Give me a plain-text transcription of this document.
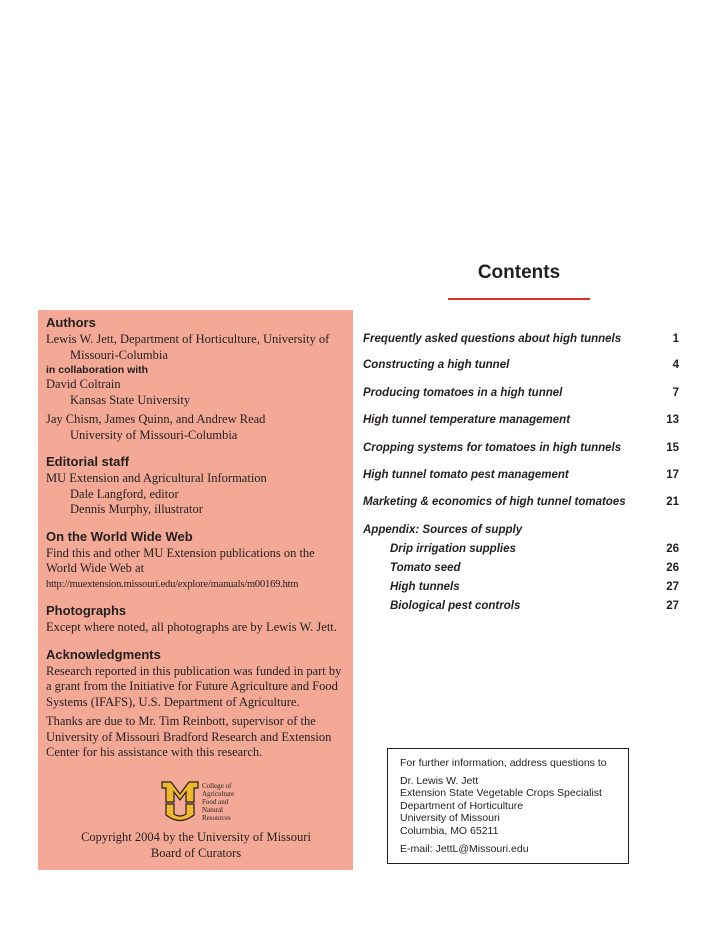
Contents

Authors

Lewis W. Jett, Department of Horticulture, University of

Missouri-Columbia

in collaboration with

David Coltrain

Kansas State University

Jay Chism, James Quinn, and Andrew Read

University of Missouri-Columbia

Editorial staff

MU Extension and Agricultural Information

Dale Langford, editor

Dennis Murphy, illustrator

On the World Wide Web

Find this and other MU Extension publications on the

World Wide Web at

http://muextension.missouri.edu/explore/manuals/m00169.htm

Photographs

Except where noted, all photographs are by Lewis W. Jett.

Acknowledgments

Research reported in this publication was funded in part by a grant from the Initiative for Future Agriculture and Food Systems (IFAFS), U.S. Department of Agriculture.

Thanks are due to Mr. Tim Reinbott, supervisor of the University of Missouri Bradford Research and Extension Center for his assistance with this research.

College of
Agriculture
Food and
Natural
Resources
Copyright 2004 by the University of Missouri
Board of Curators
Frequently asked questions about high tunnels	1
Constructing a high tunnel	4
Producing tomatoes in a high tunnel	7
High tunnel temperature management	13
Cropping systems for tomatoes in high tunnels	15
High tunnel tomato pest management	17
Marketing & economics of high tunnel tomatoes	21
Appendix: Sources of supply
Drip irrigation supplies	26
Tomato seed	26
High tunnels	27
Biological pest controls	27
For further information, address questions to
Dr. Lewis W. Jett
Extension State Vegetable Crops Specialist
Department of Horticulture
University of Missouri
Columbia, MO 65211
E-mail: JettL@Missouri.edu
